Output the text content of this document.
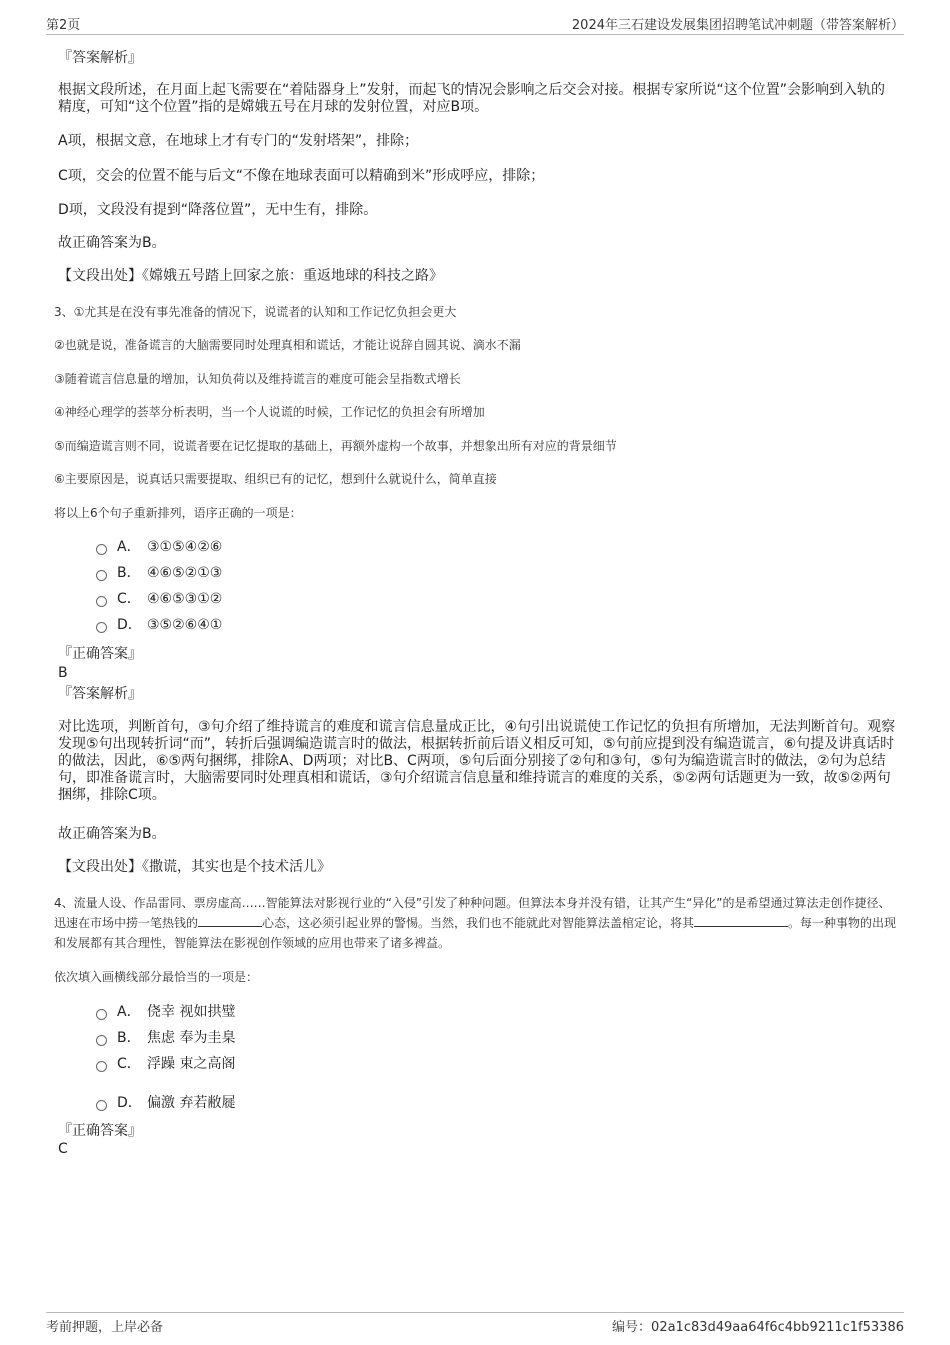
第2页	2024年三石建设发展集团招聘笔试冲刺题（带答案解析）
『答案解析』
根据文段所述，在月面上起飞需要在“着陆器身上”发射，而起飞的情况会影响之后交会对接。根据专家所说“这个位置”会影响到入轨的精度，可知“这个位置”指的是嫦娥五号在月球的发射位置，对应B项。
A项，根据文意，在地球上才有专门的“发射塔架”，排除；
C项，交会的位置不能与后文“不像在地球表面可以精确到米”形成呼应，排除；
D项，文段没有提到“降落位置”，无中生有，排除。
故正确答案为B。
【文段出处】《嫦娥五号踏上回家之旅：重返地球的科技之路》
3、①尤其是在没有事先准备的情况下，说谎者的认知和工作记忆负担会更大
②也就是说，准备谎言的大脑需要同时处理真相和谎话，才能让说辞自圆其说、滴水不漏
③随着谎言信息量的增加，认知负荷以及维持谎言的难度可能会呈指数式增长
④神经心理学的荟萃分析表明，当一个人说谎的时候，工作记忆的负担会有所增加
⑤而编造谎言则不同，说谎者要在记忆提取的基础上，再额外虚构一个故事，并想象出所有对应的背景细节
⑥主要原因是，说真话只需要提取、组织已有的记忆，想到什么就说什么，简单直接
将以上6个句子重新排列，语序正确的一项是：
A． ③①⑤④②⑥
B． ④⑥⑤②①③
C． ④⑥⑤③①②
D． ③⑤②⑥④①
『正确答案』
B
『答案解析』
对比选项，判断首句，③句介绍了维持谎言的难度和谎言信息量成正比，④句引出说谎使工作记忆的负担有所增加，无法判断首句。观察发现⑤句出现转折词“而”，转折后强调编造谎言时的做法，根据转折前后语义相反可知，⑤句前应提到没有编造谎言，⑥句提及讲真话时的做法，因此，⑥⑤两句捆绑，排除A、D两项；对比B、C两项，⑤句后面分别接了②句和③句，⑤句为编造谎言时的做法，②句为总结句，即准备谎言时，大脑需要同时处理真相和谎话，③句介绍谎言信息量和维持谎言的难度的关系，⑤②两句话题更为一致，故⑤②两句捆绑，排除C项。
故正确答案为B。
【文段出处】《撒谎，其实也是个技术活儿》
4、流量人设、作品雷同、票房虚高……智能算法对影视行业的“入侵”引发了种种问题。但算法本身并没有错，让其产生“异化”的是希望通过算法走创作捷径、迅速在市场中捞一笔热钱的	心态，这必须引起业界的警惕。当然，我们也不能就此对智能算法盖棺定论，将其	。每一种事物的出现和发展都有其合理性，智能算法在影视创作领域的应用也带来了诸多裨益。
依次填入画横线部分最恰当的一项是：
A． 侥幸 视如拱璧
B． 焦虑 奉为圭臬
C． 浮躁 束之高阁
D． 偏激 弃若敝屣
『正确答案』
C
考前押题，上岸必备	编号：02a1c83d49aa64f6c4bb9211c1f53386
